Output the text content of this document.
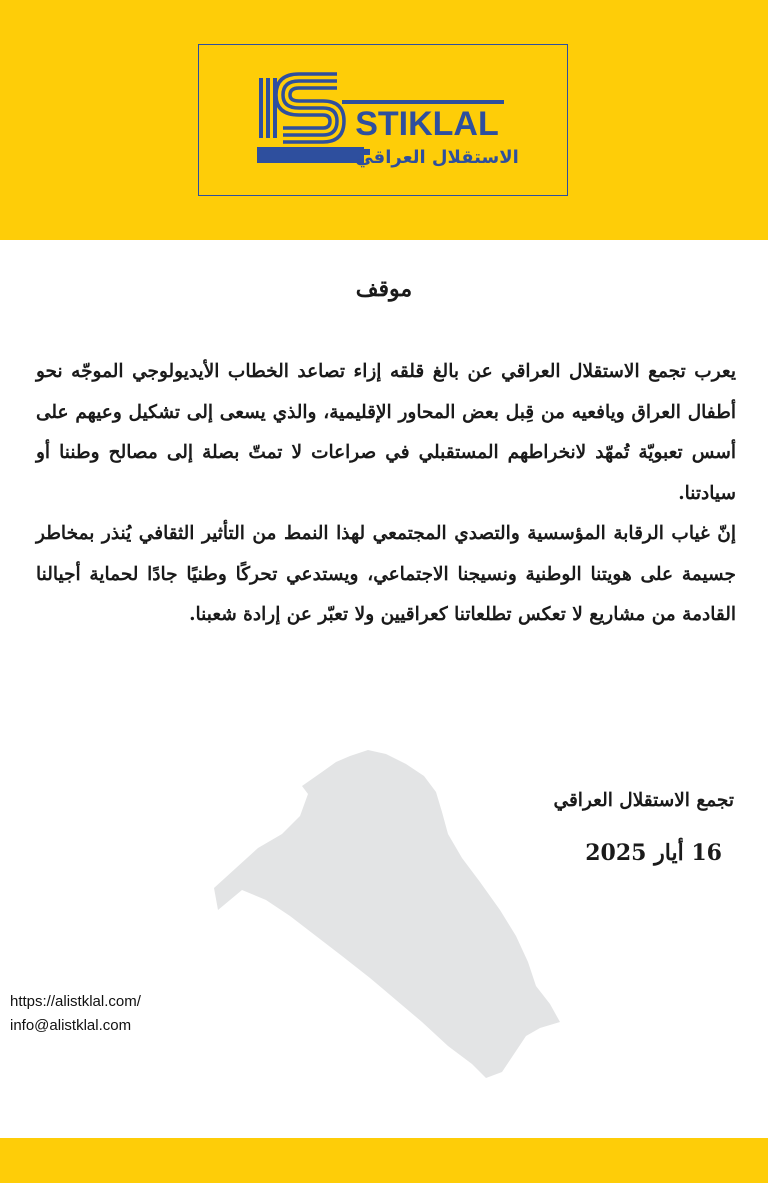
STIKLAL
الاستقلال العراقي
موقف

يعرب تجمع الاستقلال العراقي عن بالغ قلقه إزاء تصاعد الخطاب الأيديولوجي الموجّه نحو أطفال العراق ويافعيه من قِبل بعض المحاور الإقليمية، والذي يسعى إلى تشكيل وعيهم على أسس تعبويّة تُمهّد لانخراطهم المستقبلي في صراعات لا تمتّ بصلة إلى مصالح وطننا أو سيادتنا.

إنّ غياب الرقابة المؤسسية والتصدي المجتمعي لهذا النمط من التأثير الثقافي يُنذر بمخاطر جسيمة على هويتنا الوطنية ونسيجنا الاجتماعي، ويستدعي تحركًا وطنيًا جادًا لحماية أجيالنا القادمة من مشاريع لا تعكس تطلعاتنا كعراقيين ولا تعبّر عن إرادة شعبنا.

تجمع الاستقلال العراقي
16 أيار 2025
https://alistklal.com/
info@alistklal.com
